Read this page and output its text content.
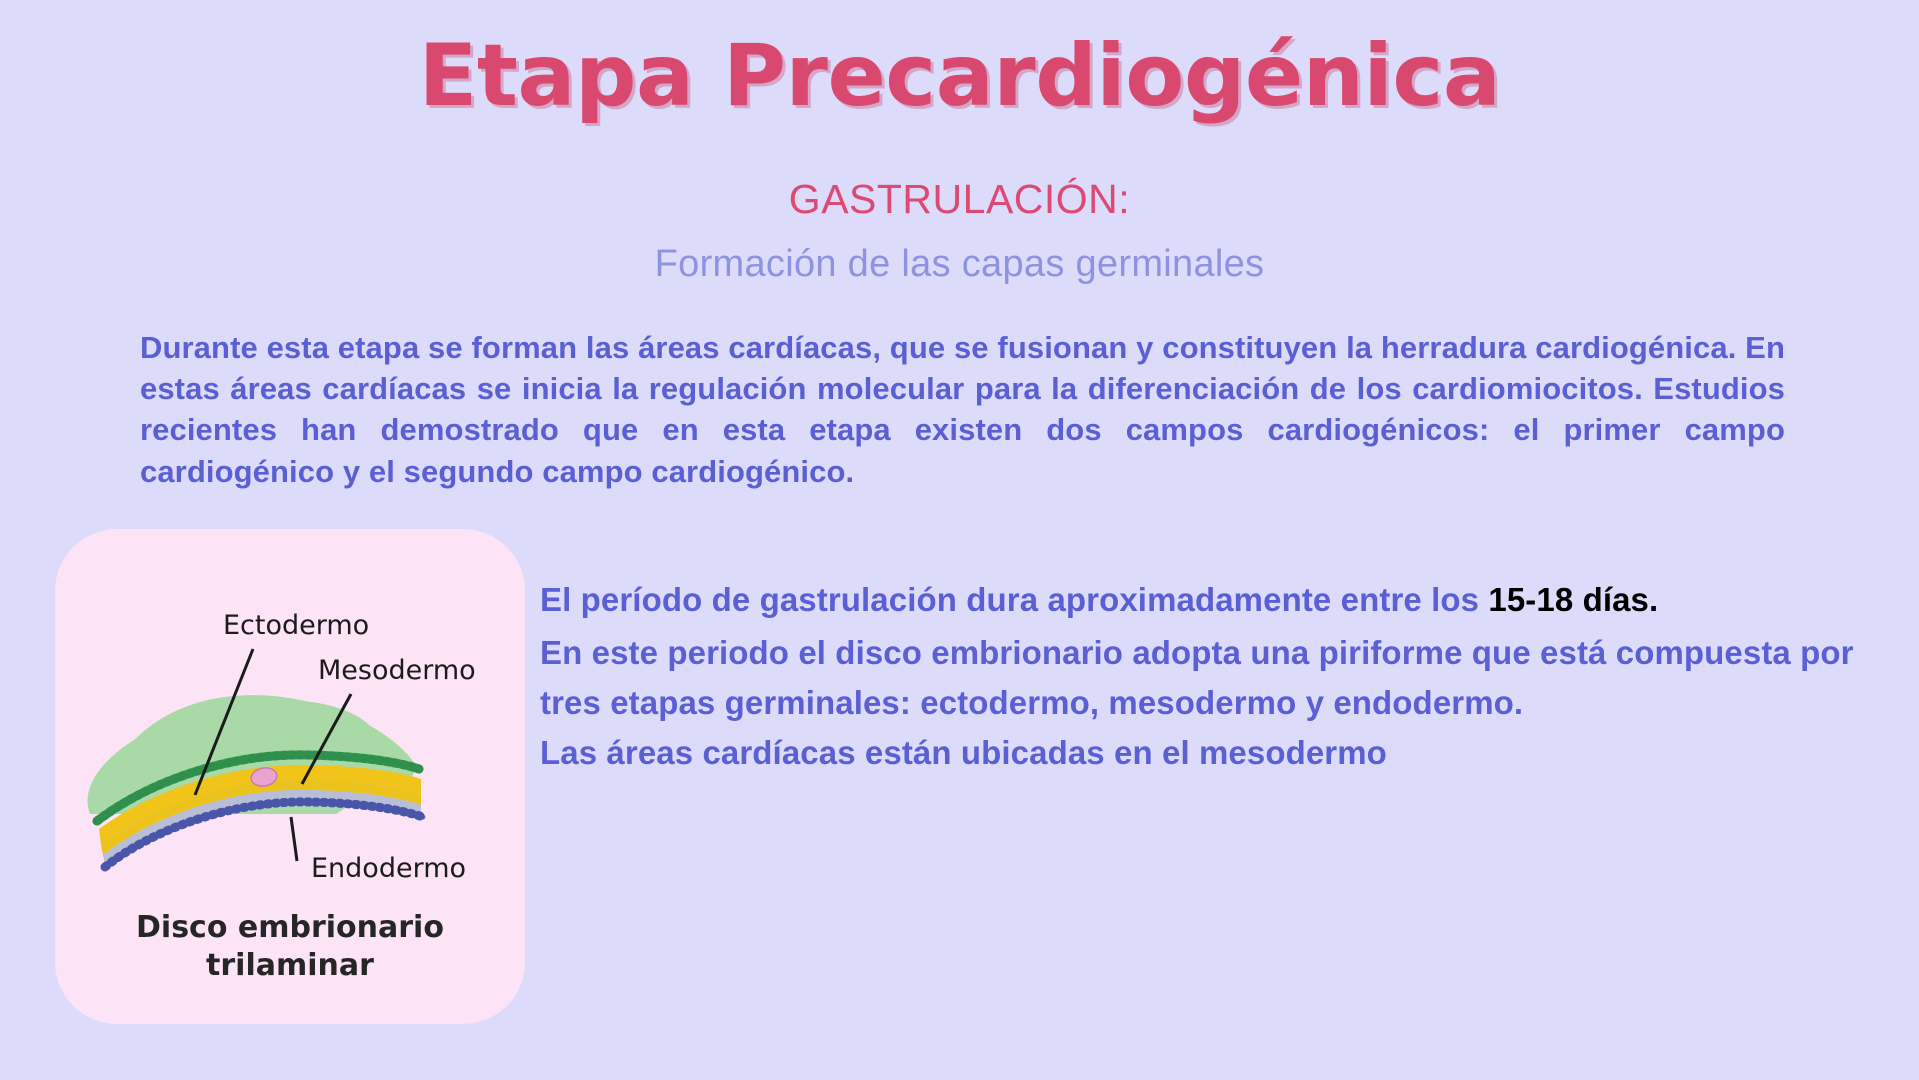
Etapa Precardiogénica
GASTRULACIÓN:
Formación de las capas germinales
Durante esta etapa se forman las áreas cardíacas, que se fusionan y constituyen la herradura cardiogénica. En estas áreas cardíacas se inicia la regulación molecular para la diferenciación de los cardiomiocitos. Estudios recientes han demostrado que en esta etapa existen dos campos cardiogénicos: el primer campo cardiogénico y el segundo campo cardiogénico.
Ectodermo
Mesodermo
Endodermo
Disco embrionario
trilaminar

El período de gastrulación dura aproximadamente entre los 15-18 días.

En este periodo el disco embrionario adopta una piriforme que está compuesta por tres etapas germinales: ectodermo, mesodermo y endodermo.
Las áreas cardíacas están ubicadas en el mesodermo
